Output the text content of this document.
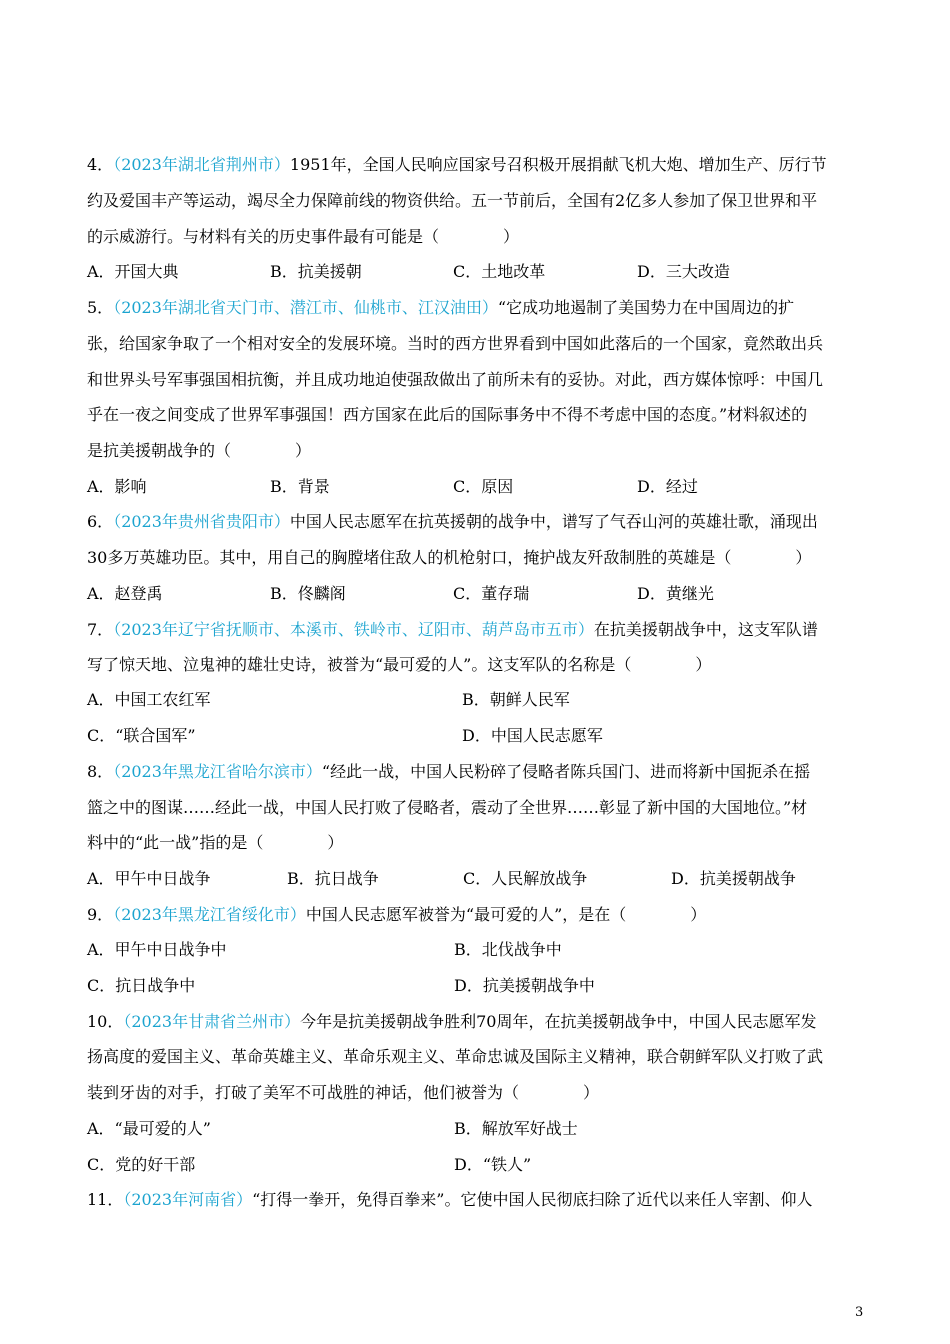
4．（2023年湖北省荆州市）1951年，全国人民响应国家号召积极开展捐献飞机大炮、增加生产、厉行节
约及爱国丰产等运动，竭尽全力保障前线的物资供给。五一节前后，全国有2亿多人参加了保卫世界和平
的示威游行。与材料有关的历史事件最有可能是（　　　　）
A．开国大典	B．抗美援朝	C．土地改革	D．三大改造
5．（2023年湖北省天门市、潜江市、仙桃市、江汉油田）“它成功地遏制了美国势力在中国周边的扩
张，给国家争取了一个相对安全的发展环境。当时的西方世界看到中国如此落后的一个国家，竟然敢出兵
和世界头号军事强国相抗衡，并且成功地迫使强敌做出了前所未有的妥协。对此，西方媒体惊呼：中国几
乎在一夜之间变成了世界军事强国！西方国家在此后的国际事务中不得不考虑中国的态度。”材料叙述的
是抗美援朝战争的（　　　　）
A．影响	B．背景	C．原因	D．经过
6．（2023年贵州省贵阳市）中国人民志愿军在抗英援朝的战争中，谱写了气吞山河的英雄壮歌，涌现出
30多万英雄功臣。其中，用自己的胸膛堵住敌人的机枪射口，掩护战友歼敌制胜的英雄是（　　　　）
A．赵登禹	B．佟麟阁	C．董存瑞	D．黄继光
7．（2023年辽宁省抚顺市、本溪市、铁岭市、辽阳市、葫芦岛市五市）在抗美援朝战争中，这支军队谱
写了惊天地、泣鬼神的雄壮史诗，被誉为“最可爱的人”。这支军队的名称是（　　　　）
A．中国工农红军	B．朝鲜人民军
C．“联合国军”	D．中国人民志愿军
8．（2023年黑龙江省哈尔滨市）“经此一战，中国人民粉碎了侵略者陈兵国门、进而将新中国扼杀在摇
篮之中的图谋……经此一战，中国人民打败了侵略者，震动了全世界……彰显了新中国的大国地位。”材
料中的“此一战”指的是（　　　　）
A．甲午中日战争	B．抗日战争	C．人民解放战争	D．抗美援朝战争
9．（2023年黑龙江省绥化市）中国人民志愿军被誉为“最可爱的人”，是在（　　　　）
A．甲午中日战争中	B．北伐战争中
C．抗日战争中	D．抗美援朝战争中
10．（2023年甘肃省兰州市）今年是抗美援朝战争胜利70周年，在抗美援朝战争中，中国人民志愿军发
扬高度的爱国主义、革命英雄主义、革命乐观主义、革命忠诚及国际主义精神，联合朝鲜军队义打败了武
装到牙齿的对手，打破了美军不可战胜的神话，他们被誉为（　　　　）
A．“最可爱的人”	B．解放军好战士
C．党的好干部	D．“铁人”
11．（2023年河南省）“打得一拳开，免得百拳来”。它使中国人民彻底扫除了近代以来任人宰割、仰人
3
